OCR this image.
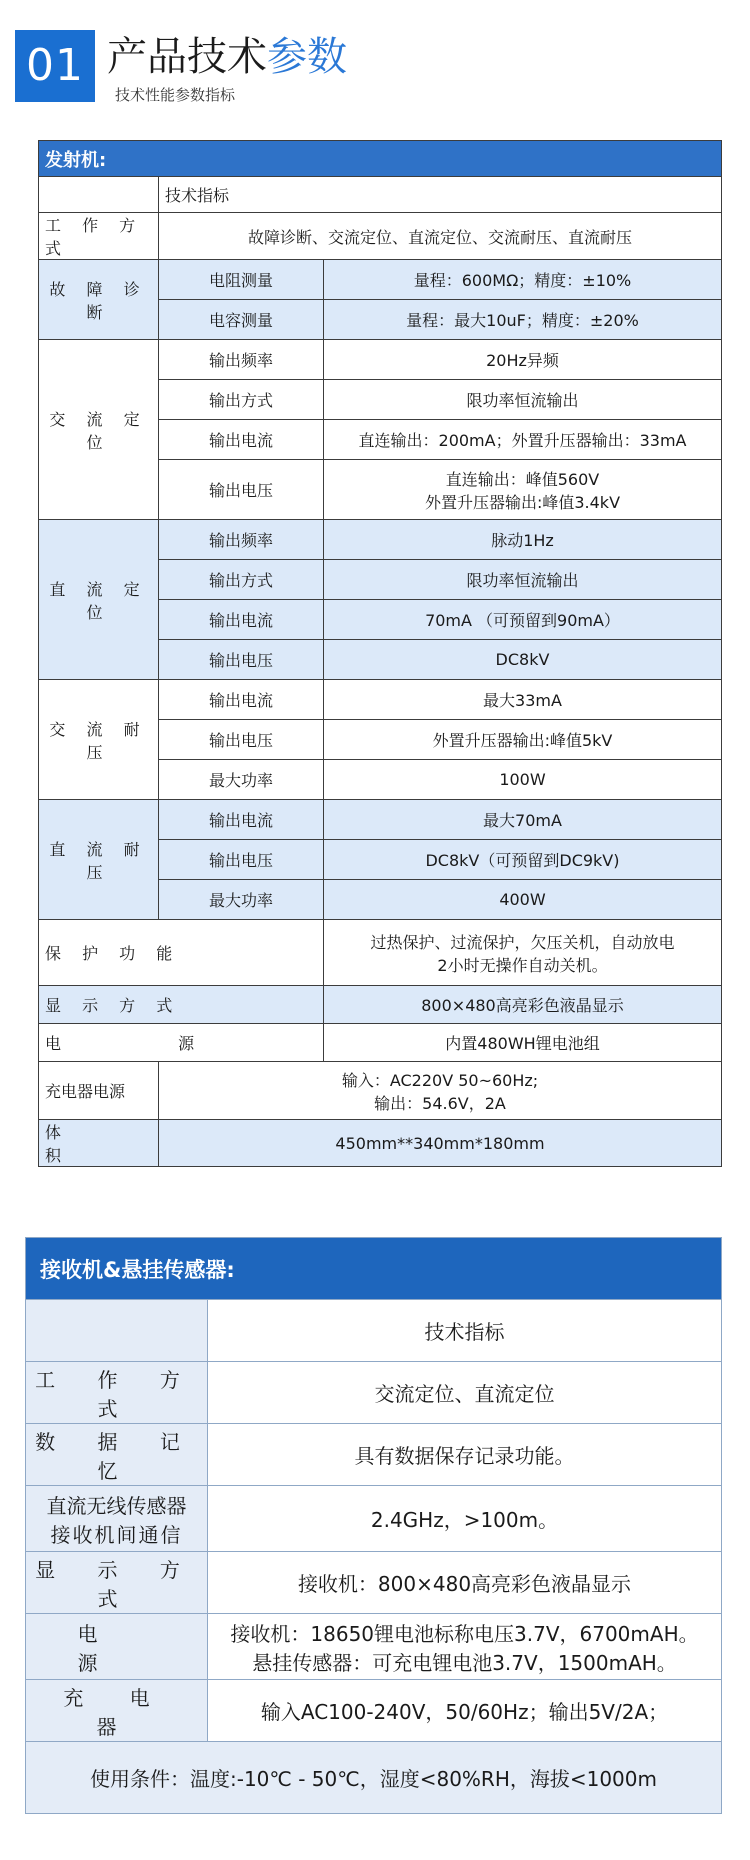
01 产品技术参数
技术性能参数指标
发射机:		
	技术指标	
工 作 方 式	故障诊断、交流定位、直流定位、交流耐压、直流耐压	
故 障 诊 断	电阻测量	量程：600MΩ；精度：±10%
	电容测量	量程：最大10uF；精度：±20%
交 流 定 位	输出频率	20Hz异频
	输出方式	限功率恒流输出
	输出电流	直连输出：200mA；外置升压器输出：33mA
	输出电压	直连输出：峰值560V
外置升压器输出:峰值3.4kV

直 流 定 位	输出频率	脉动1Hz
	输出方式	限功率恒流输出
	输出电流	70mA （可预留到90mA）
	输出电压	DC8kV
交 流 耐 压	输出电流	最大33mA
	输出电压	外置升压器输出:峰值5kV
	最大功率	100W
直 流 耐 压	输出电流	最大70mA
	输出电压	DC8kV（可预留到DC9kV)
	最大功率	400W
保 护 功 能		过热保护、过流保护，欠压关机，自动放电
2小时无操作自动关机。

显 示 方 式		800×480高亮彩色液晶显示

电 源		内置480WH锂电池组
充电器电源	输入：AC220V 50~60Hz;
输出：54.6V，2A	

体 积	450mm**340mm*180mm	
接收机&悬挂传感器:	
	技术指标
工 作 方 式	交流定位、直流定位
数 据 记 忆	具有数据保存记录功能。

直流无线传感器
接收机间通信	2.4GHz，>100m。
显 示 方 式	接收机：800×480高亮彩色液晶显示
电 源	接收机：18650锂电池标称电压3.7V，6700mAH。
悬挂传感器：可充电锂电池3.7V，1500mAH。

充 电 器	输入AC100-240V，50/60Hz；输出5V/2A；
使用条件：温度:-10℃ - 50℃，湿度<80%RH，海拔<1000m	
